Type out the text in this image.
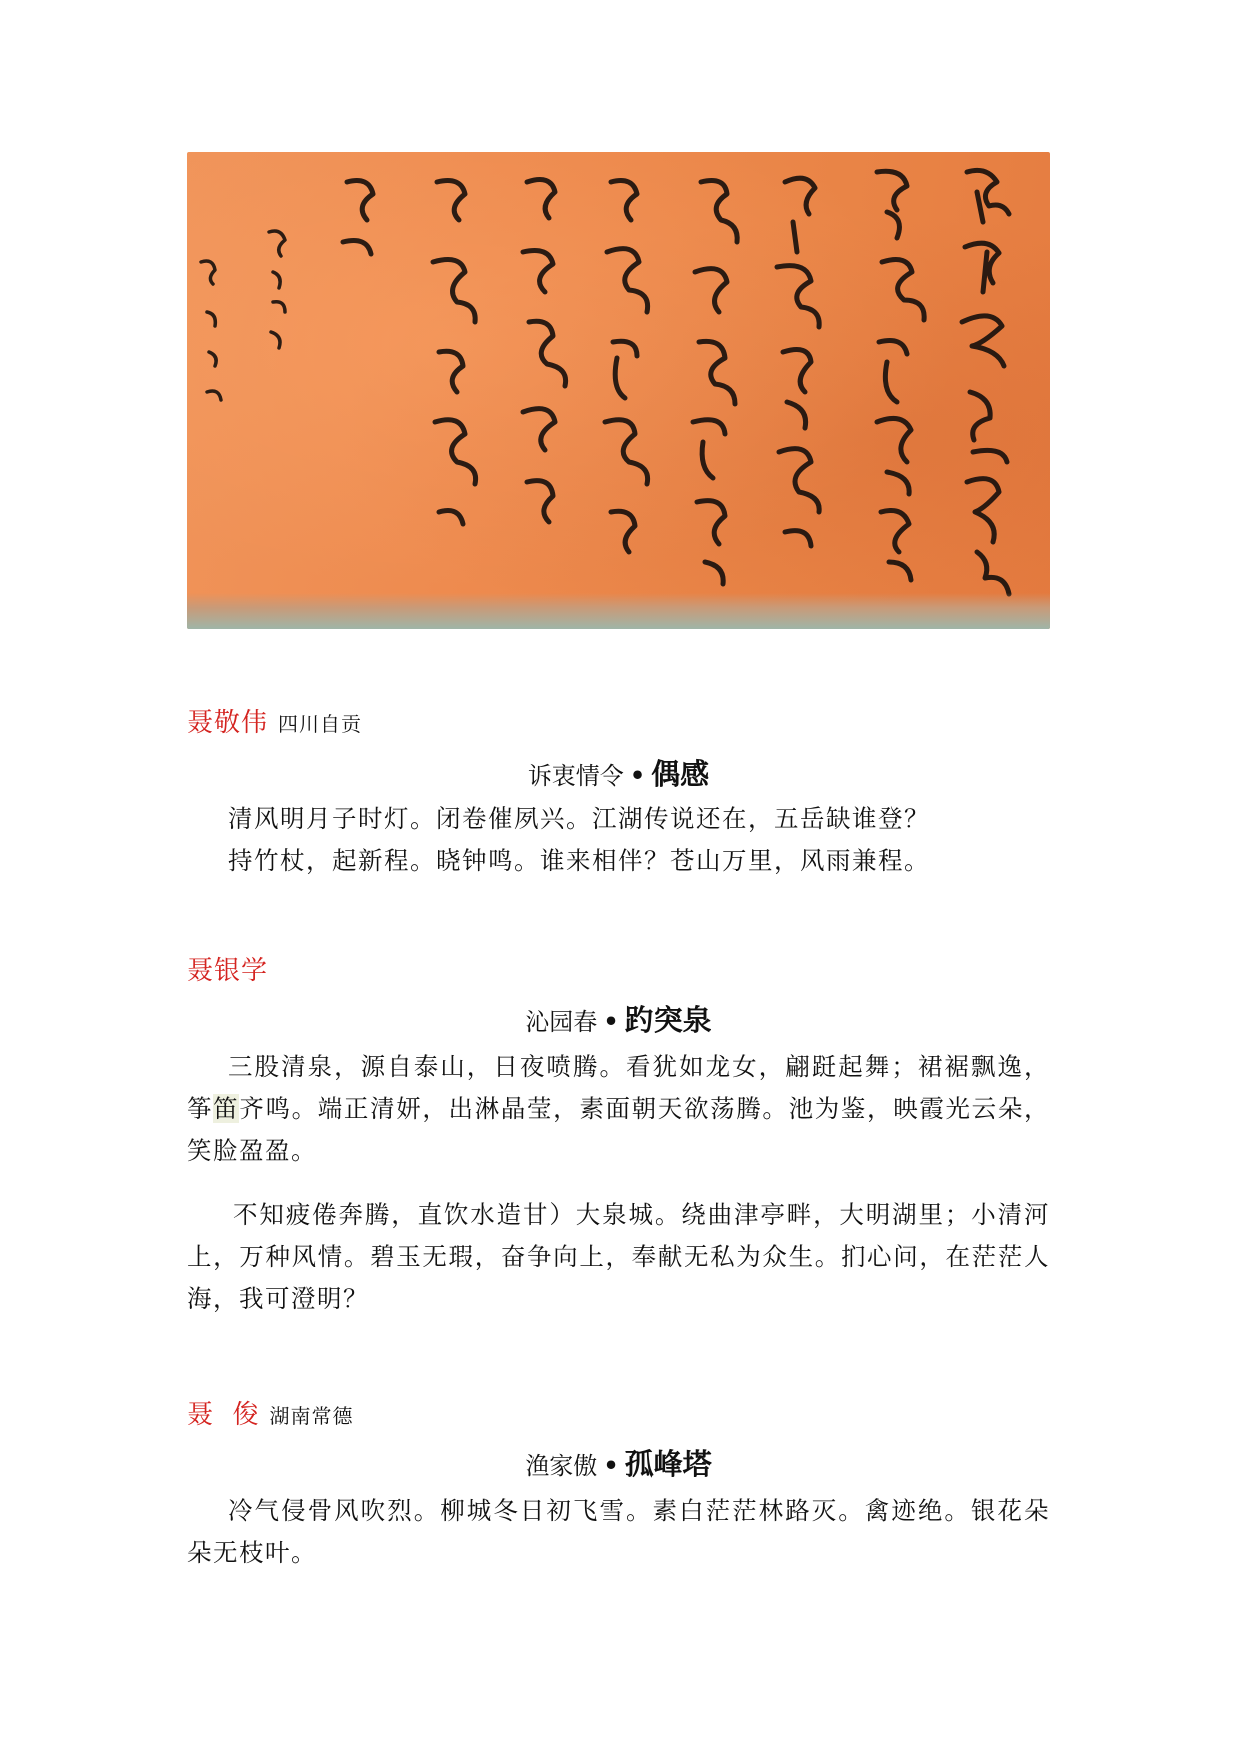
聂敬伟 四川自贡
诉衷情令 • 偶感
清风明月子时灯。闭卷催夙兴。江湖传说还在，五岳缺谁登？
持竹杖，起新程。晓钟鸣。谁来相伴？苍山万里，风雨兼程。
聂银学
沁园春 • 趵突泉
三股清泉，源自泰山，日夜喷腾。看犹如龙女，翩跹起舞；裙裾飘逸，筝笛齐鸣。端正清妍，出淋晶莹，素面朝天欲荡腾。池为鉴，映霞光云朵，笑脸盈盈。
不知疲倦奔腾，直饮水造甘）大泉城。绕曲津亭畔，大明湖里；小清河上，万种风情。碧玉无瑕，奋争向上，奉献无私为众生。扪心问，在茫茫人海，我可澄明？
聂  俊 湖南常德
渔家傲 • 孤峰塔
冷气侵骨风吹烈。柳城冬日初飞雪。素白茫茫林路灭。禽迹绝。银花朵朵无枝叶。
